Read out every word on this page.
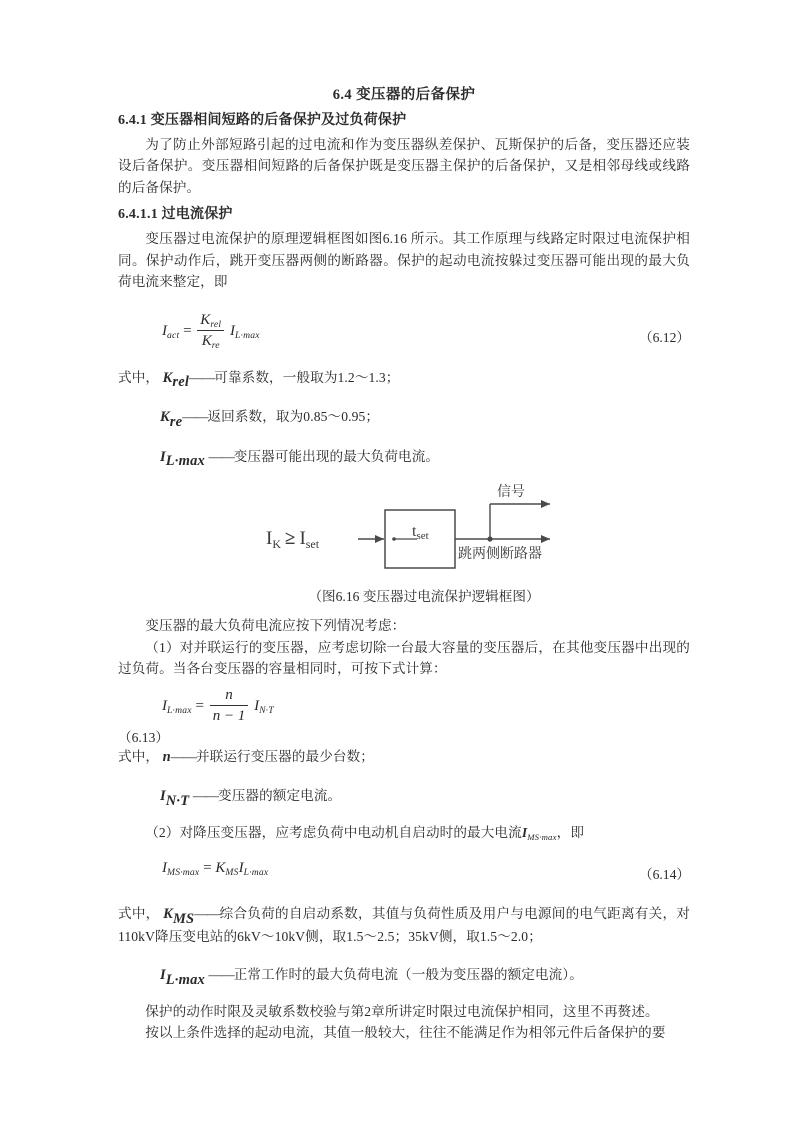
6.4 变压器的后备保护
6.4.1 变压器相间短路的后备保护及过负荷保护

为了防止外部短路引起的过电流和作为变压器纵差保护、瓦斯保护的后备，变压器还应装设后备保护。变压器相间短路的后备保护既是变压器主保护的后备保护，又是相邻母线或线路的后备保护。

6.4.1.1 过电流保护

变压器过电流保护的原理逻辑框图如图6.16 所示。其工作原理与线路定时限过电流保护相同。保护动作后，跳开变压器两侧的断路器。保护的起动电流按躲过变压器可能出现的最大负荷电流来整定，即

$I_{act} = \frac{K_{rel}}{K_{re}} I_{L\cdot max}$	（6.12）
式中， $K_{rel}——$可靠系数，一般取为1.2～1.3；
$K_{re}——$返回系数，取为0.85～0.95；
$I_{L\cdot max}$ ——变压器可能出现的最大负荷电流。
$I_K \ge I_{set}$
tset
信号
跳两侧断路器

（图6.16 变压器过电流保护逻辑框图）

变压器的最大负荷电流应按下列情况考虑：

（1）对并联运行的变压器，应考虑切除一台最大容量的变压器后，在其他变压器中出现的过负荷。当各台变压器的容量相同时，可按下式计算：

$I_{L\cdot max} = \frac{n}{n - 1} I_{N\cdot T}$
（6.13）
式中， n——并联运行变压器的最少台数；
$I_{N\cdot T}$ ——变压器的额定电流。

（2）对降压变压器，应考虑负荷中电动机自启动时的最大电流$I_{MS\cdot max}$，即

$I_{MS\cdot max} = K_{MS}I_{L\cdot max}$	（6.14）
式中， $K_{MS}——$综合负荷的自启动系数，其值与负荷性质及用户与电源间的电气距离有关，对110kV降压变电站的6kV～10kV侧，取1.5～2.5；35kV侧，取1.5～2.0；
$I_{L\cdot max}$ ——正常工作时的最大负荷电流（一般为变压器的额定电流）。

保护的动作时限及灵敏系数校验与第2章所讲定时限过电流保护相同，这里不再赘述。

按以上条件选择的起动电流，其值一般较大，往往不能满足作为相邻元件后备保护的要
